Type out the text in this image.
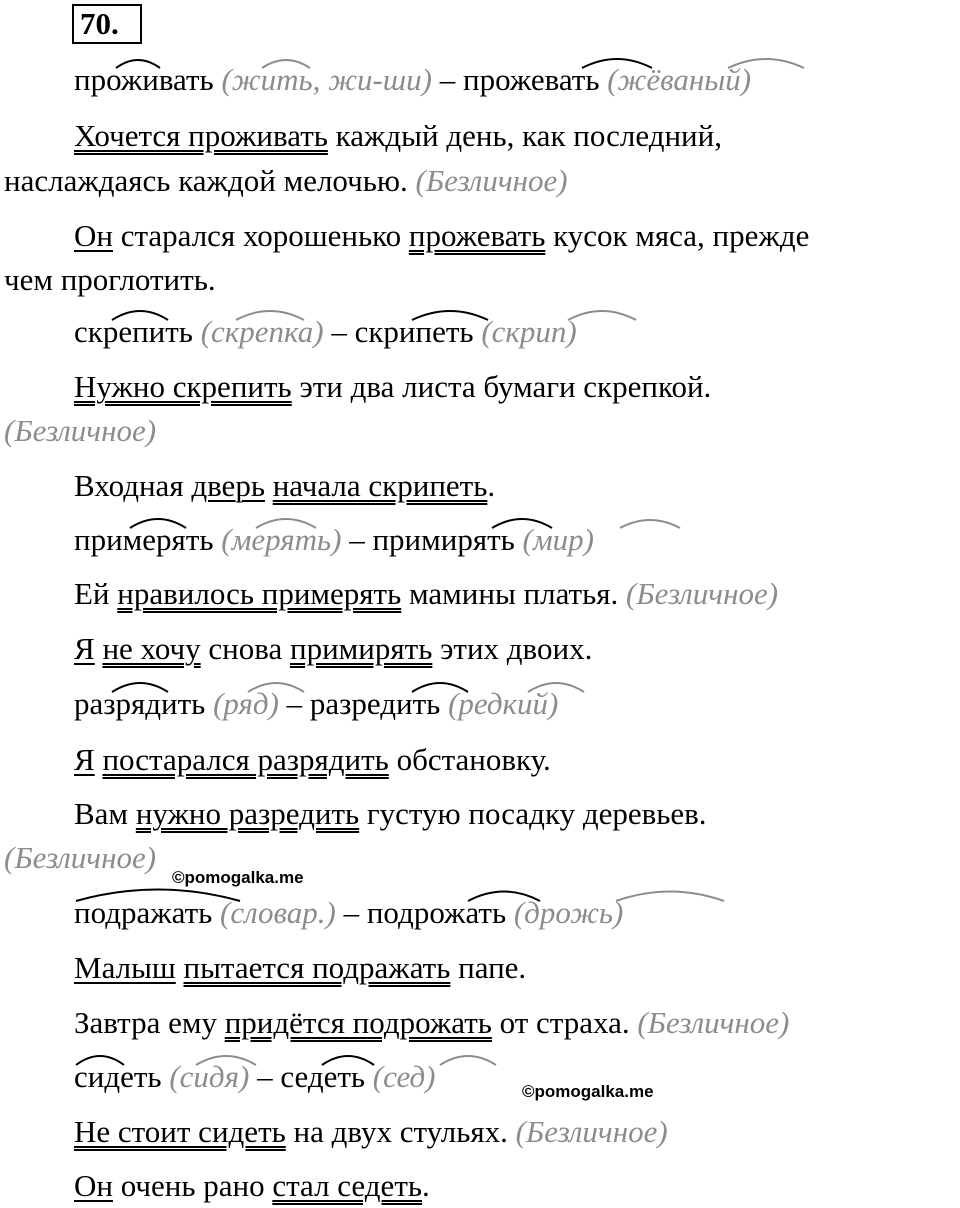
70.
проживать (жить, жи-ши) – прожевать (жёваный)
Хочется проживать каждый день, как последний,
наслаждаясь каждой мелочью. (Безличное)
Он старался хорошенько прожевать кусок мяса, прежде
чем проглотить.
скрепить (скрепка) – скрипеть (скрип)
Нужно скрепить эти два листа бумаги скрепкой.
(Безличное)
Входная дверь начала скрипеть.
примерять (мерять) – примирять (мир)
Ей нравилось примерять мамины платья. (Безличное)
Я не хочу снова примирять этих двоих.
разрядить (ряд) – разредить (редкий)
Я постарался разрядить обстановку.
Вам нужно разредить густую посадку деревьев.
(Безличное)
©pomogalka.me
подражать (словар.) – подрожать (дрожь)
Малыш пытается подражать папе.
Завтра ему придётся подрожать от страха. (Безличное)
сидеть (сидя) – седеть (сед)	©pomogalka.me
Не стоит сидеть на двух стульях. (Безличное)
Он очень рано стал седеть.
